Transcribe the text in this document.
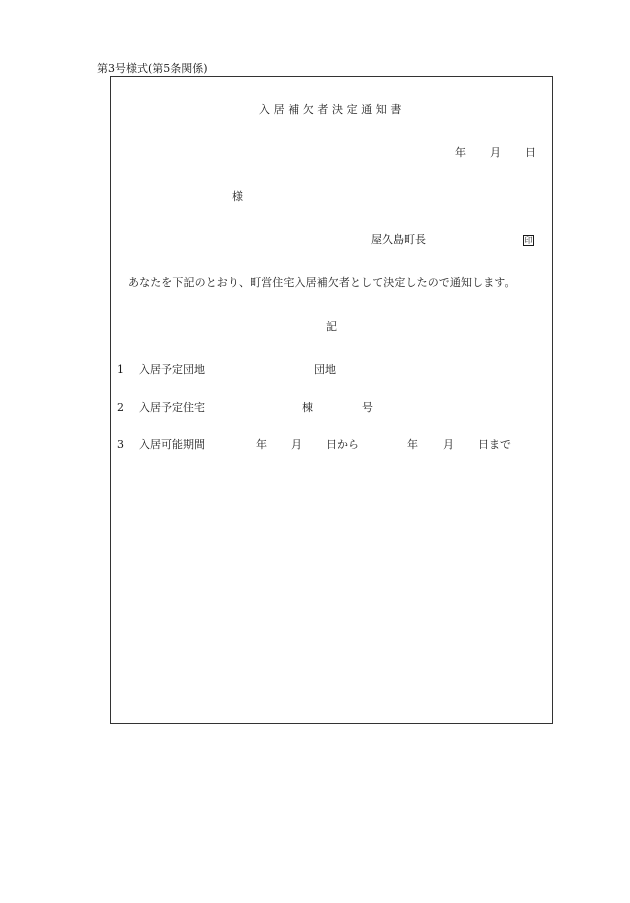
第3号様式(第5条関係)
入居補欠者決定通知書
年 月 日
様
屋久島町長	印
あなたを下記のとおり、町営住宅入居補欠者として決定したので通知します。
記
1 入居予定団地	団地
2 入居予定住宅	棟	号
3 入居可能期間	年 月 日から	年 月 日まで
